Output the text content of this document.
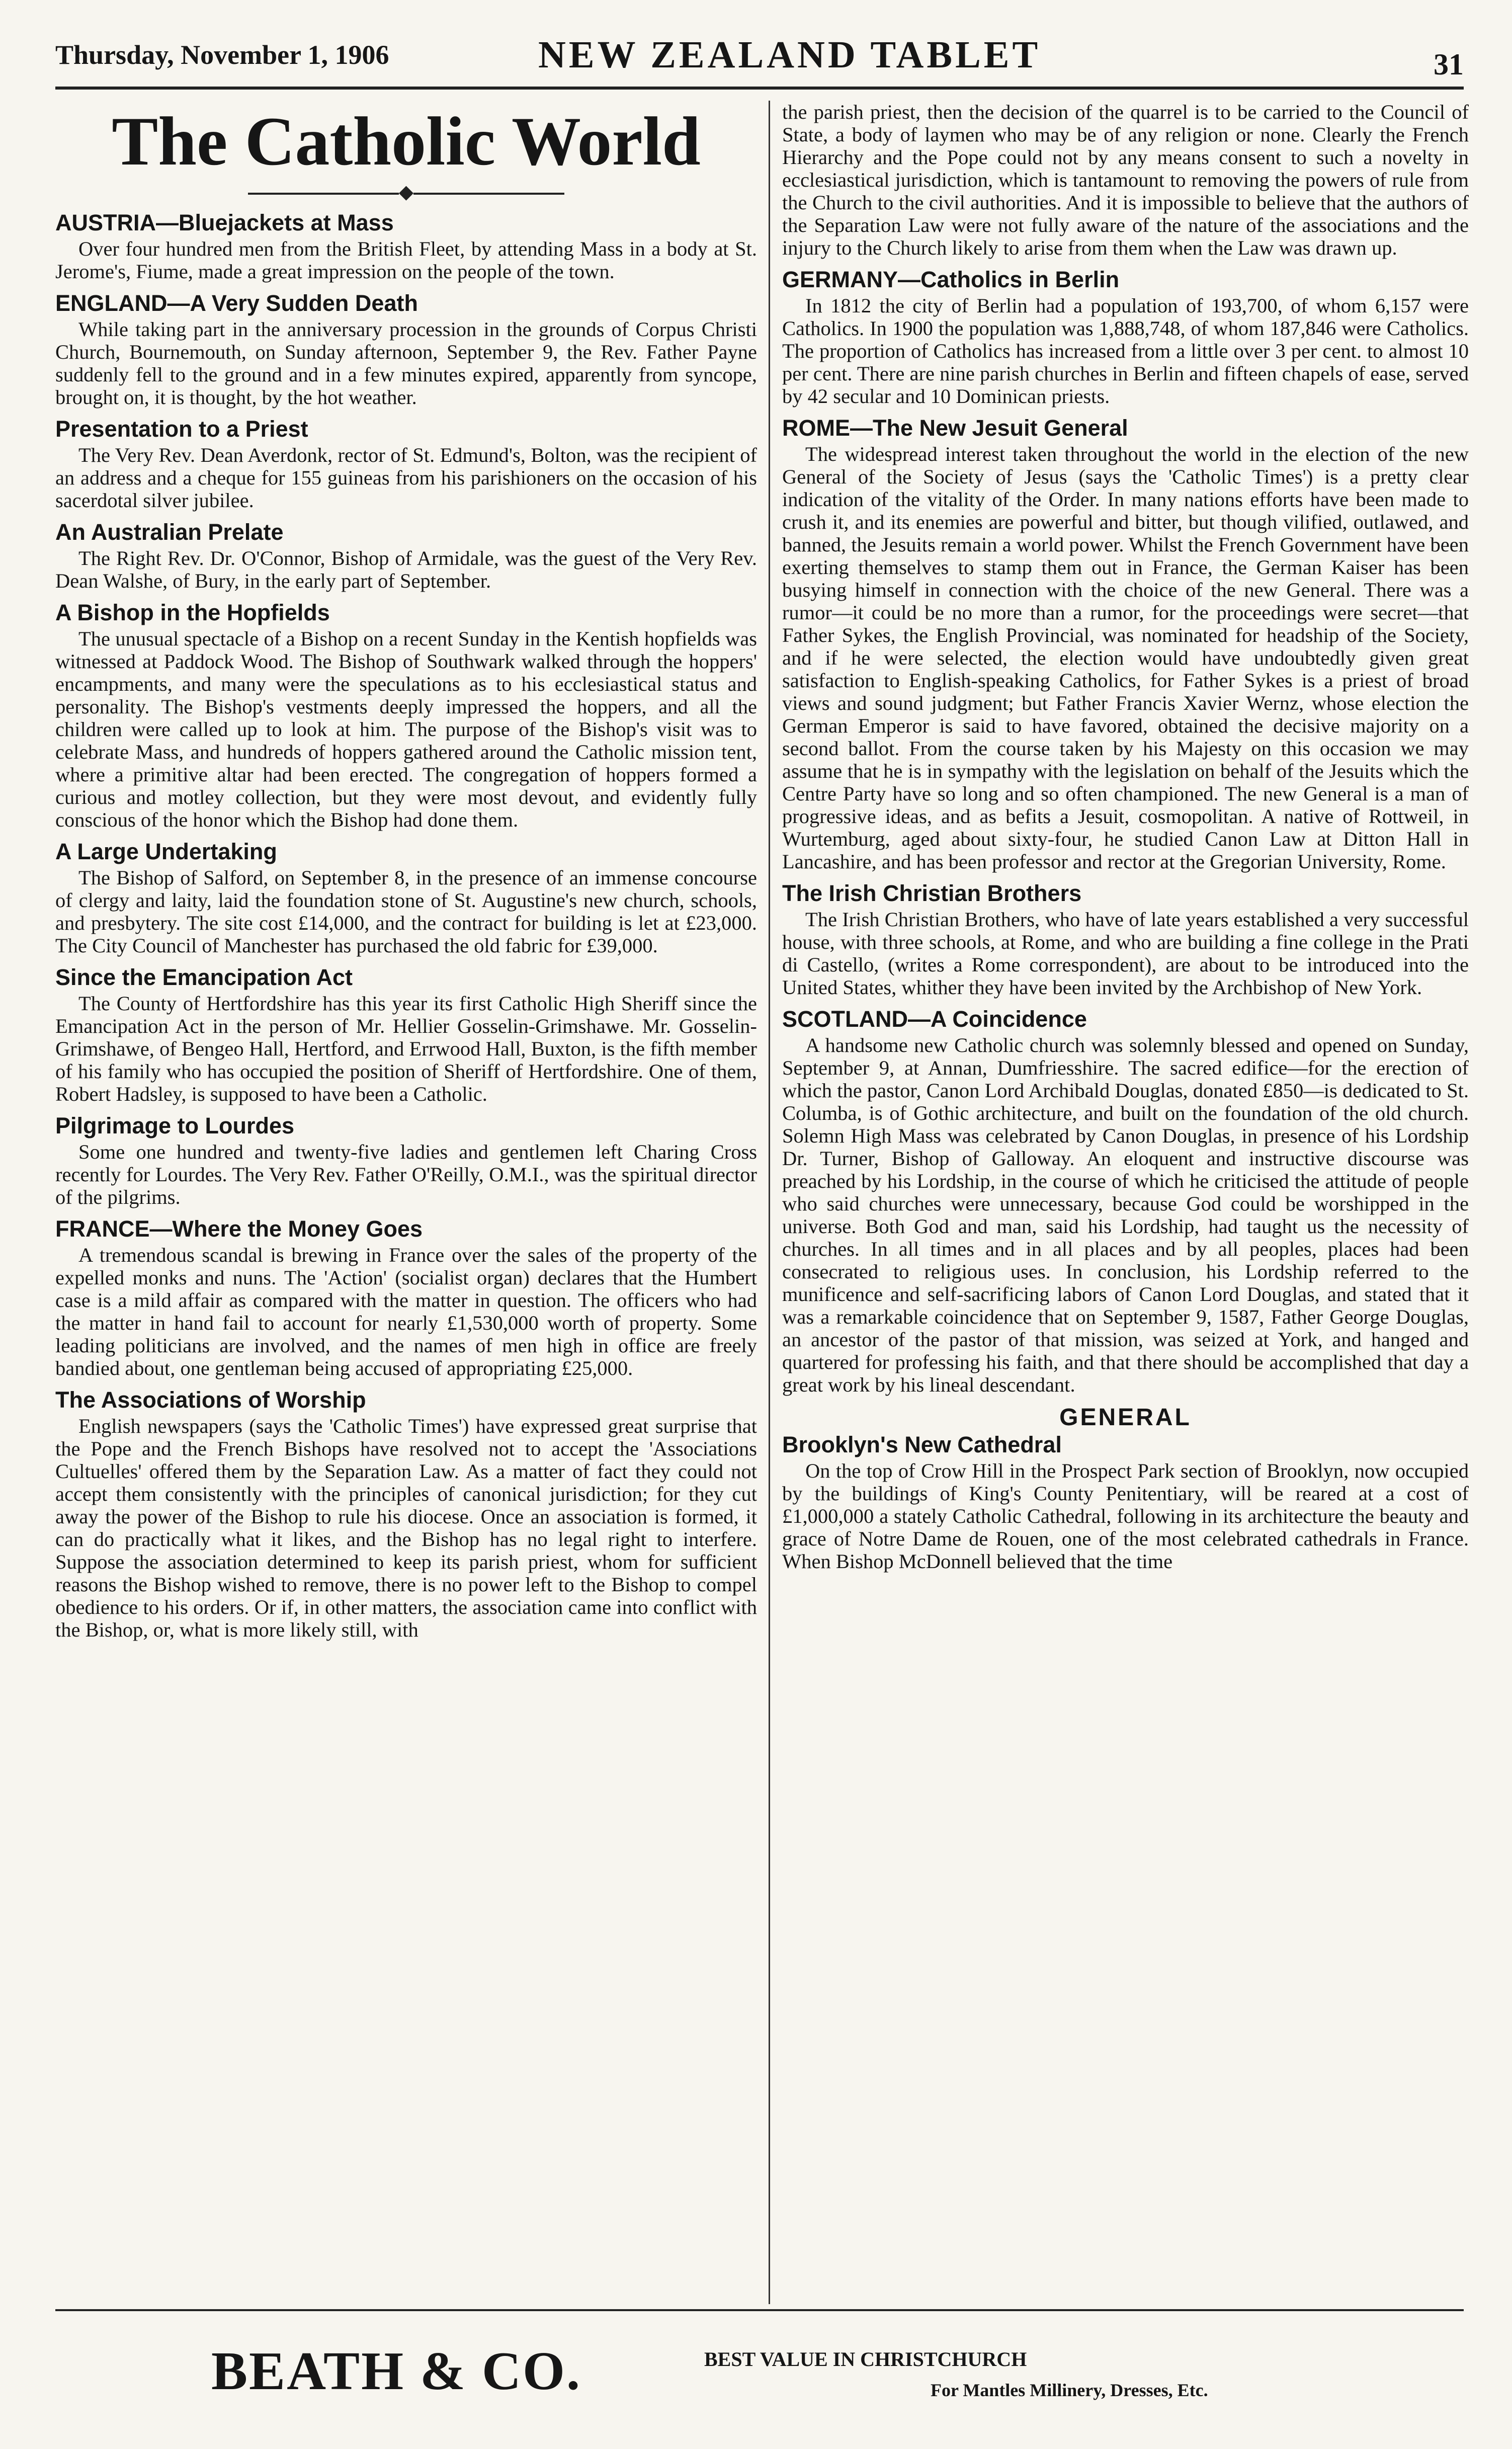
Thursday, November 1, 1906	NEW ZEALAND TABLET	31
The Catholic World
◆
AUSTRIA—Bluejackets at Mass

Over four hundred men from the British Fleet, by attending Mass in a body at St. Jerome's, Fiume, made a great impression on the people of the town.

ENGLAND—A Very Sudden Death

While taking part in the anniversary procession in the grounds of Corpus Christi Church, Bournemouth, on Sunday afternoon, September 9, the Rev. Father Payne suddenly fell to the ground and in a few minutes expired, apparently from syncope, brought on, it is thought, by the hot weather.

Presentation to a Priest

The Very Rev. Dean Averdonk, rector of St. Edmund's, Bolton, was the recipient of an address and a cheque for 155 guineas from his parishioners on the occasion of his sacerdotal silver jubilee.

An Australian Prelate

The Right Rev. Dr. O'Connor, Bishop of Armidale, was the guest of the Very Rev. Dean Walshe, of Bury, in the early part of September.

A Bishop in the Hopfields

The unusual spectacle of a Bishop on a recent Sunday in the Kentish hopfields was witnessed at Paddock Wood. The Bishop of Southwark walked through the hoppers' encampments, and many were the speculations as to his ecclesiastical status and personality. The Bishop's vestments deeply impressed the hoppers, and all the children were called up to look at him. The purpose of the Bishop's visit was to celebrate Mass, and hundreds of hoppers gathered around the Catholic mission tent, where a primitive altar had been erected. The congregation of hoppers formed a curious and motley collection, but they were most devout, and evidently fully conscious of the honor which the Bishop had done them.

A Large Undertaking

The Bishop of Salford, on September 8, in the presence of an immense concourse of clergy and laity, laid the foundation stone of St. Augustine's new church, schools, and presbytery. The site cost £14,000, and the contract for building is let at £23,000. The City Council of Manchester has purchased the old fabric for £39,000.

Since the Emancipation Act

The County of Hertfordshire has this year its first Catholic High Sheriff since the Emancipation Act in the person of Mr. Hellier Gosselin-Grimshawe. Mr. Gosselin-Grimshawe, of Bengeo Hall, Hertford, and Errwood Hall, Buxton, is the fifth member of his family who has occupied the position of Sheriff of Hertfordshire. One of them, Robert Hadsley, is supposed to have been a Catholic.

Pilgrimage to Lourdes

Some one hundred and twenty-five ladies and gentlemen left Charing Cross recently for Lourdes. The Very Rev. Father O'Reilly, O.M.I., was the spiritual director of the pilgrims.

FRANCE—Where the Money Goes

A tremendous scandal is brewing in France over the sales of the property of the expelled monks and nuns. The 'Action' (socialist organ) declares that the Humbert case is a mild affair as compared with the matter in question. The officers who had the matter in hand fail to account for nearly £1,530,000 worth of property. Some leading politicians are involved, and the names of men high in office are freely bandied about, one gentleman being accused of appropriating £25,000.

The Associations of Worship

English newspapers (says the 'Catholic Times') have expressed great surprise that the Pope and the French Bishops have resolved not to accept the 'Associations Cultuelles' offered them by the Separation Law. As a matter of fact they could not accept them consistently with the principles of canonical jurisdiction; for they cut away the power of the Bishop to rule his diocese. Once an association is formed, it can do practically what it likes, and the Bishop has no legal right to interfere. Suppose the association determined to keep its parish priest, whom for sufficient reasons the Bishop wished to remove, there is no power left to the Bishop to compel obedience to his orders. Or if, in other matters, the association came into conflict with the Bishop, or, what is more likely still, with

the parish priest, then the decision of the quarrel is to be carried to the Council of State, a body of laymen who may be of any religion or none. Clearly the French Hierarchy and the Pope could not by any means consent to such a novelty in ecclesiastical jurisdiction, which is tantamount to removing the powers of rule from the Church to the civil authorities. And it is impossible to believe that the authors of the Separation Law were not fully aware of the nature of the associations and the injury to the Church likely to arise from them when the Law was drawn up.

GERMANY—Catholics in Berlin

In 1812 the city of Berlin had a population of 193,700, of whom 6,157 were Catholics. In 1900 the population was 1,888,748, of whom 187,846 were Catholics. The proportion of Catholics has increased from a little over 3 per cent. to almost 10 per cent. There are nine parish churches in Berlin and fifteen chapels of ease, served by 42 secular and 10 Dominican priests.

ROME—The New Jesuit General

The widespread interest taken throughout the world in the election of the new General of the Society of Jesus (says the 'Catholic Times') is a pretty clear indication of the vitality of the Order. In many nations efforts have been made to crush it, and its enemies are powerful and bitter, but though vilified, outlawed, and banned, the Jesuits remain a world power. Whilst the French Government have been exerting themselves to stamp them out in France, the German Kaiser has been busying himself in connection with the choice of the new General. There was a rumor—it could be no more than a rumor, for the proceedings were secret—that Father Sykes, the English Provincial, was nominated for headship of the Society, and if he were selected, the election would have undoubtedly given great satisfaction to English-speaking Catholics, for Father Sykes is a priest of broad views and sound judgment; but Father Francis Xavier Wernz, whose election the German Emperor is said to have favored, obtained the decisive majority on a second ballot. From the course taken by his Majesty on this occasion we may assume that he is in sympathy with the legislation on behalf of the Jesuits which the Centre Party have so long and so often championed. The new General is a man of progressive ideas, and as befits a Jesuit, cosmopolitan. A native of Rottweil, in Wurtemburg, aged about sixty-four, he studied Canon Law at Ditton Hall in Lancashire, and has been professor and rector at the Gregorian University, Rome.

The Irish Christian Brothers

The Irish Christian Brothers, who have of late years established a very successful house, with three schools, at Rome, and who are building a fine college in the Prati di Castello, (writes a Rome correspondent), are about to be introduced into the United States, whither they have been invited by the Archbishop of New York.

SCOTLAND—A Coincidence

A handsome new Catholic church was solemnly blessed and opened on Sunday, September 9, at Annan, Dumfriesshire. The sacred edifice—for the erection of which the pastor, Canon Lord Archibald Douglas, donated £850—is dedicated to St. Columba, is of Gothic architecture, and built on the foundation of the old church. Solemn High Mass was celebrated by Canon Douglas, in presence of his Lordship Dr. Turner, Bishop of Galloway. An eloquent and instructive discourse was preached by his Lordship, in the course of which he criticised the attitude of people who said churches were unnecessary, because God could be worshipped in the universe. Both God and man, said his Lordship, had taught us the necessity of churches. In all times and in all places and by all peoples, places had been consecrated to religious uses. In conclusion, his Lordship referred to the munificence and self-sacrificing labors of Canon Lord Douglas, and stated that it was a remarkable coincidence that on September 9, 1587, Father George Douglas, an ancestor of the pastor of that mission, was seized at York, and hanged and quartered for professing his faith, and that there should be accomplished that day a great work by his lineal descendant.

GENERAL
Brooklyn's New Cathedral

On the top of Crow Hill in the Prospect Park section of Brooklyn, now occupied by the buildings of King's County Penitentiary, will be reared at a cost of £1,000,000 a stately Catholic Cathedral, following in its architecture the beauty and grace of Notre Dame de Rouen, one of the most celebrated cathedrals in France. When Bishop McDonnell believed that the time

BEATH & CO.	BEST VALUE IN CHRISTCHURCH
For Mantles Millinery, Dresses, Etc.
